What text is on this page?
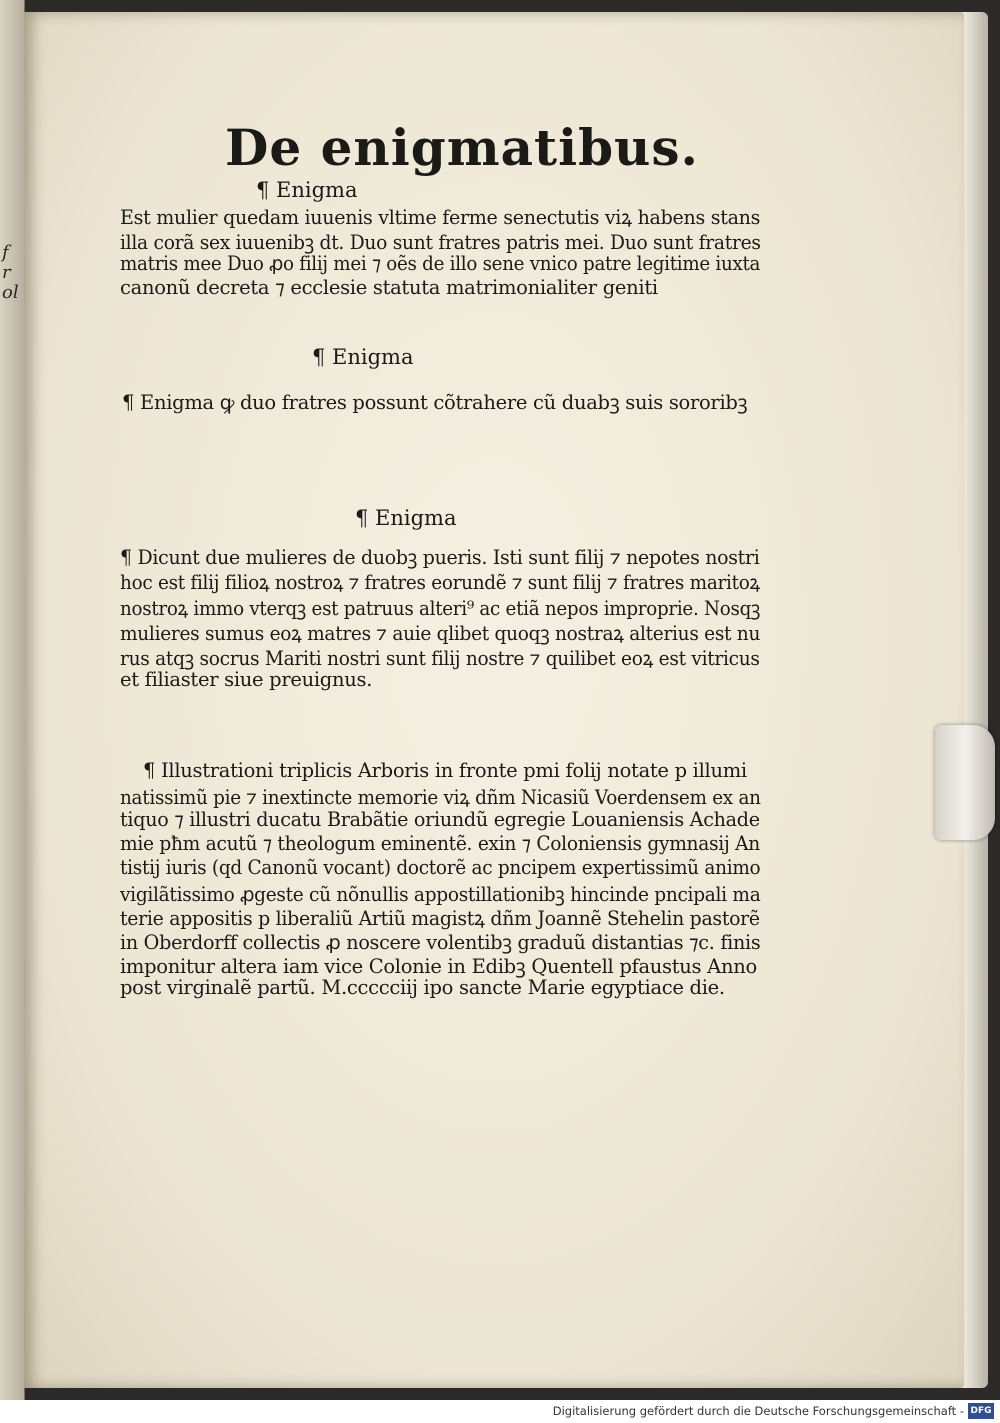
f
r
ol
De enigmatibus.
¶ Enigma
Est mulier quedam iuuenis vltime ferme senectutis viꝝ habens stans
illa corã sex iuuenibꝫ dt. Duo sunt fratres patris mei. Duo sunt fratres
matris mee Duo ꝓo filij mei ⁊ oẽs de illo sene vnico patre legitime iuxta
canonũ decreta ⁊ ecclesie statuta matrimonialiter geniti
¶ Enigma
¶ Enigma ꝙ duo fratres possunt cõtrahere cũ duabꝫ suis sororibꝫ
¶ Enigma
¶ Dicunt due mulieres de duobꝫ pueris. Isti sunt filij ⁊ nepotes nostri
hoc est filij filioꝝ nostroꝝ ⁊ fratres eorundẽ ⁊ sunt filij ⁊ fratres maritoꝝ
nostroꝝ immo vterqꝫ est patruus alteri⁹ ac etiã nepos improprie. Nosqꝫ
mulieres sumus eoꝝ matres ⁊ auie qlibet quoqꝫ nostraꝝ alterius est nu
rus atqꝫ socrus Mariti nostri sunt filij nostre ⁊ quilibet eoꝝ est vitricus
et filiaster siue preuignus.
¶ Illustrationi triplicis Arboris in fronte pmi folij notate p illumi
natissimũ pie ⁊ inextincte memorie viꝝ dñm Nicasiũ Voerdensem ex an
tiquo ⁊ illustri ducatu Brabãtie oriundũ egregie Louaniensis Achade
mie pħm acutũ ⁊ theologum eminentẽ. exin ⁊ Coloniensis gymnasij An
tistij iuris (qd Canonũ vocant) doctorẽ ac pncipem expertissimũ animo
vigilãtissimo ꝓgeste cũ nõnullis appostillationibꝫ hincinde pncipali ma
terie appositis p liberaliũ Artiũ magistꝝ dñm Joannẽ Stehelin pastorẽ
in Oberdorff collectis ꝓ noscere volentibꝫ graduũ distantias ⁊c. finis
imponitur altera iam vice Colonie in Edibꝫ Quentell pfaustus Anno
post virginalẽ partũ. M.ccccciij ipo sancte Marie egyptiace die.
Digitalisierung gefördert durch die Deutsche Forschungsgemeinschaft - DFG
